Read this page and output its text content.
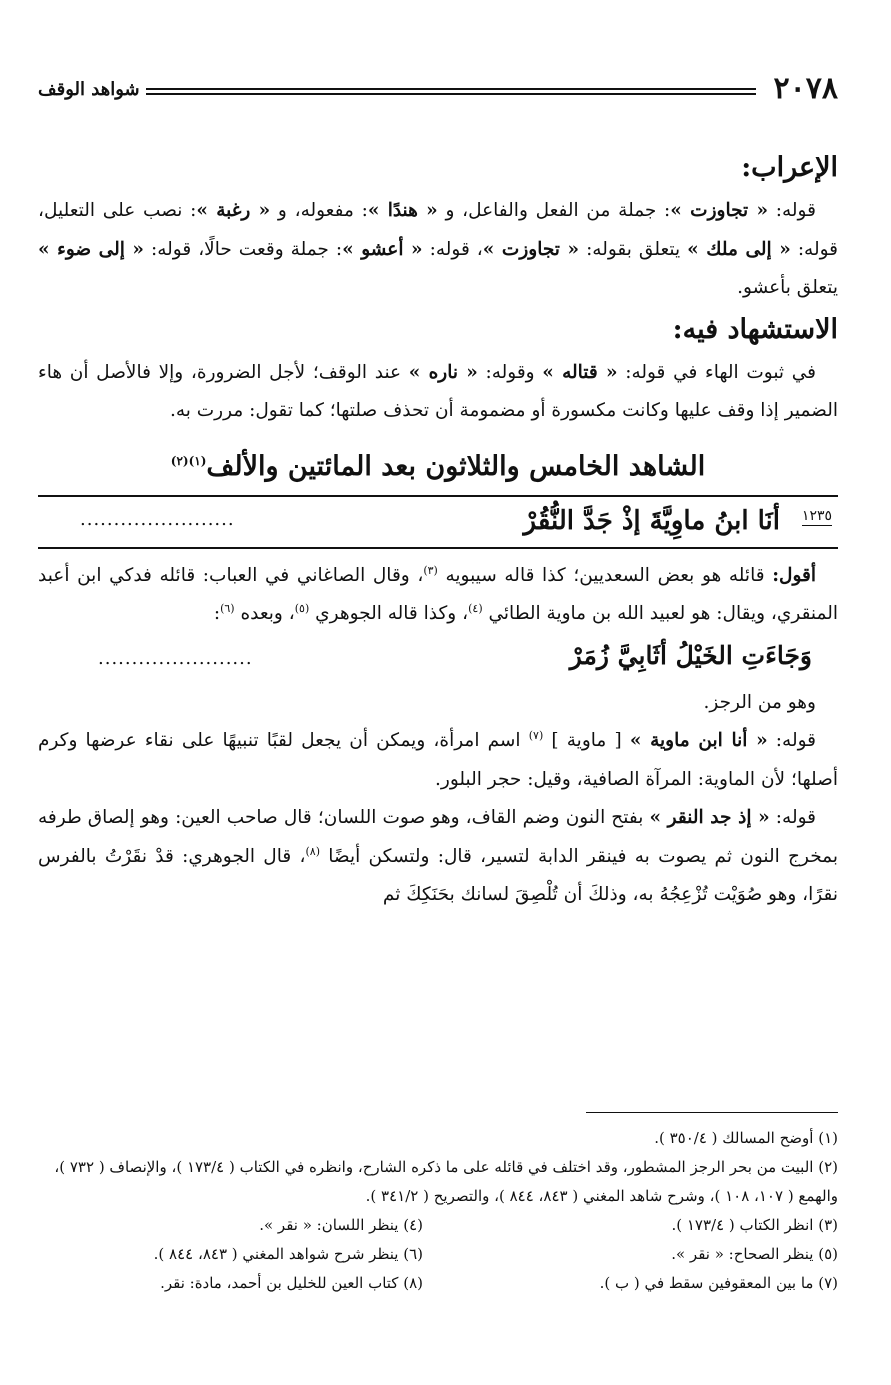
٢٠٧٨
شواهد الوقف
الإعراب:

قوله: « تجاوزت »: جملة من الفعل والفاعل، و « هندًا »: مفعوله، و « رغبة »: نصب على التعليل، قوله: « إلى ملك » يتعلق بقوله: « تجاوزت »، قوله: « أعشو »: جملة وقعت حالًا، قوله: « إلى ضوء » يتعلق بأعشو.

الاستشهاد فيه:

في ثبوت الهاء في قوله: « قتاله » وقوله: « ناره » عند الوقف؛ لأجل الضرورة، وإلا فالأصل أن هاء الضمير إذا وقف عليها وكانت مكسورة أو مضمومة أن تحذف صلتها؛ كما تقول: مررت به.

الشاهد الخامس والثلاثون بعد المائتين والألف$^{(١)(٢)}$
١٢٣٥
أنَا ابنُ ماوِيَّةَ إذْ جَدَّ النُّقُرْ
.......................

أقول: قائله هو بعض السعديين؛ كذا قاله سيبويه $^{(٣)}$، وقال الصاغاني في العباب: قائله فدكي ابن أعبد المنقري، ويقال: هو لعبيد الله بن ماوية الطائي $^{(٤)}$، وكذا قاله الجوهري $^{(٥)}$، وبعده $^{(٦)}$:

وَجَاءَتِ الخَيْلُ أثَابِيَّ زُمَرْ
.......................

وهو من الرجز.

قوله: « أنا ابن ماوية » [ ماوية ] $^{(٧)}$ اسم امرأة، ويمكن أن يجعل لقبًا تنبيهًا على نقاء عرضها وكرم أصلها؛ لأن الماوية: المرآة الصافية، وقيل: حجر البلور.

قوله: « إذ جد النقر » بفتح النون وضم القاف، وهو صوت اللسان؛ قال صاحب العين: وهو إلصاق طرفه بمخرج النون ثم يصوت به فينقر الدابة لتسير، قال: ولتسكن أيضًا $^{(٨)}$، قال الجوهري: قدْ نقَرْتُ بالفرس نقرًا، وهو صُوَيْت تُزْعِجُهُ به، وذلكَ أن تُلْصِقَ لسانك بحَنَكِكَ ثم

(١) أوضح المسالك ( ٣٥٠/٤ ).

(٢) البيت من بحر الرجز المشطور، وقد اختلف في قائله على ما ذكره الشارح، وانظره في الكتاب ( ١٧٣/٤ )، والإنصاف ( ٧٣٢ )، والهمع ( ١٠٧، ١٠٨ )، وشرح شاهد المغني ( ٨٤٣، ٨٤٤ )، والتصريح ( ٣٤١/٢ ).

(٣) انظر الكتاب ( ١٧٣/٤ ).

(٤) ينظر اللسان: « نقر ».

(٥) ينظر الصحاح: « نقر ».

(٦) ينظر شرح شواهد المغني ( ٨٤٣، ٨٤٤ ).

(٧) ما بين المعقوفين سقط في ( ب ).

(٨) كتاب العين للخليل بن أحمد، مادة: نقر.
